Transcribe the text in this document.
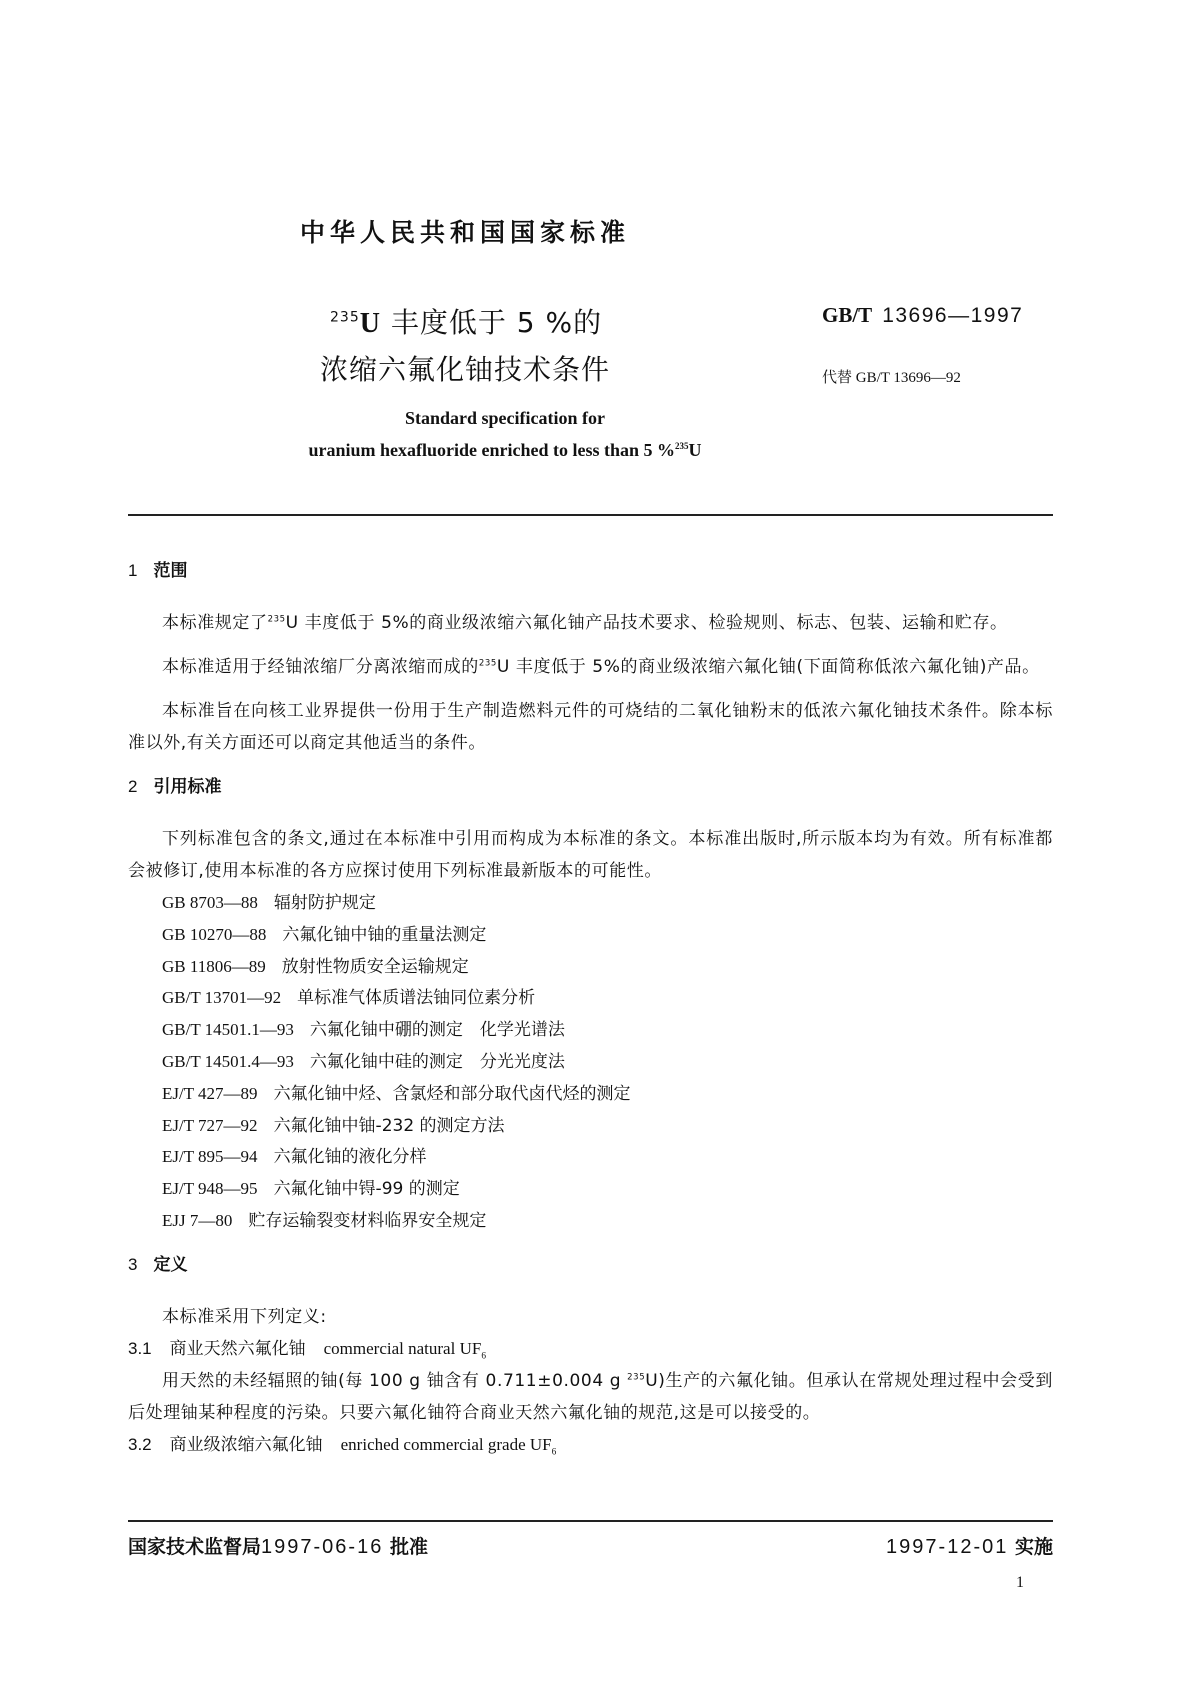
中华人民共和国国家标准
$^{235}$U 丰度低于 5 %的
浓缩六氟化铀技术条件
GB/T 13696—1997
代替 GB/T 13696—92
Standard specification for
uranium hexafluoride enriched to less than 5 %$^{235}$U
1 范围

本标准规定了$^{235}$U 丰度低于 5%的商业级浓缩六氟化铀产品技术要求、检验规则、标志、包装、运输和贮存。

本标准适用于经铀浓缩厂分离浓缩而成的$^{235}$U 丰度低于 5%的商业级浓缩六氟化铀(下面简称低浓六氟化铀)产品。

本标准旨在向核工业界提供一份用于生产制造燃料元件的可烧结的二氧化铀粉末的低浓六氟化铀技术条件。除本标准以外,有关方面还可以商定其他适当的条件。

2 引用标准

下列标准包含的条文,通过在本标准中引用而构成为本标准的条文。本标准出版时,所示版本均为有效。所有标准都会被修订,使用本标准的各方应探讨使用下列标准最新版本的可能性。

GB 8703—88 辐射防护规定
GB 10270—88 六氟化铀中铀的重量法测定
GB 11806—89 放射性物质安全运输规定
GB/T 13701—92 单标准气体质谱法铀同位素分析
GB/T 14501.1—93 六氟化铀中硼的测定　化学光谱法
GB/T 14501.4—93 六氟化铀中硅的测定　分光光度法
EJ/T 427—89 六氟化铀中烃、含氯烃和部分取代卤代烃的测定
EJ/T 727—92 六氟化铀中铀-232 的测定方法
EJ/T 895—94 六氟化铀的液化分样
EJ/T 948—95 六氟化铀中锝-99 的测定
EJJ 7—80 贮存运输裂变材料临界安全规定
3 定义

本标准采用下列定义:

3.1 商业天然六氟化铀 commercial natural $UF_6$

用天然的未经辐照的铀(每 100 g 铀含有 0.711±0.004 g $^{235}$U)生产的六氟化铀。但承认在常规处理过程中会受到后处理铀某种程度的污染。只要六氟化铀符合商业天然六氟化铀的规范,这是可以接受的。

3.2 商业级浓缩六氟化铀 enriched commercial grade $UF_6$
国家技术监督局1997-06-16 批准	1997-12-01 实施
1
